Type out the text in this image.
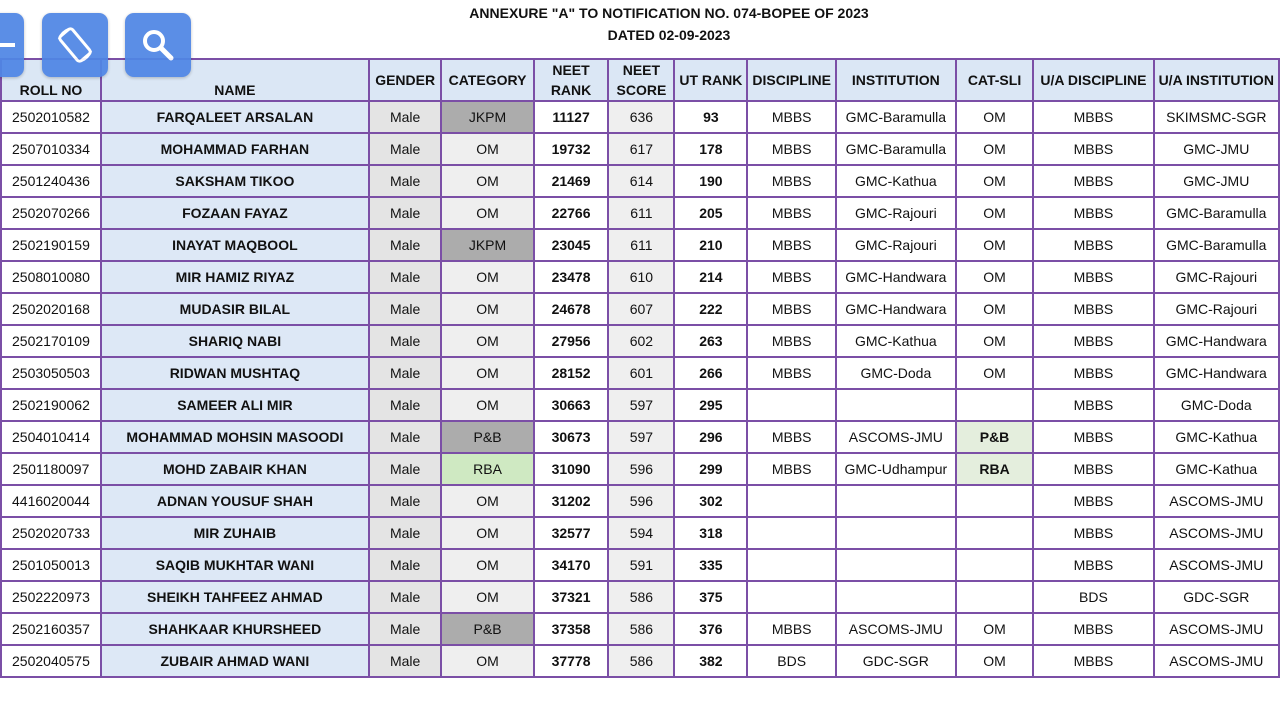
ANNEXURE "A" TO NOTIFICATION NO. 074-BOPEE OF 2023
DATED 02-09-2023
ROLL NO	NAME	GENDER	CATEGORY	NEET RANK	NEET SCORE	UT RANK	DISCIPLINE	INSTITUTION	CAT-SLI	U/A DISCIPLINE	U/A INSTITUTION
2502010582	FARQALEET ARSALAN	Male	JKPM	11127	636	93	MBBS	GMC-Baramulla	OM	MBBS	SKIMSMC-SGR
2507010334	MOHAMMAD FARHAN	Male	OM	19732	617	178	MBBS	GMC-Baramulla	OM	MBBS	GMC-JMU
2501240436	SAKSHAM TIKOO	Male	OM	21469	614	190	MBBS	GMC-Kathua	OM	MBBS	GMC-JMU
2502070266	FOZAAN FAYAZ	Male	OM	22766	611	205	MBBS	GMC-Rajouri	OM	MBBS	GMC-Baramulla
2502190159	INAYAT MAQBOOL	Male	JKPM	23045	611	210	MBBS	GMC-Rajouri	OM	MBBS	GMC-Baramulla
2508010080	MIR HAMIZ RIYAZ	Male	OM	23478	610	214	MBBS	GMC-Handwara	OM	MBBS	GMC-Rajouri
2502020168	MUDASIR BILAL	Male	OM	24678	607	222	MBBS	GMC-Handwara	OM	MBBS	GMC-Rajouri
2502170109	SHARIQ NABI	Male	OM	27956	602	263	MBBS	GMC-Kathua	OM	MBBS	GMC-Handwara
2503050503	RIDWAN MUSHTAQ	Male	OM	28152	601	266	MBBS	GMC-Doda	OM	MBBS	GMC-Handwara
2502190062	SAMEER ALI MIR	Male	OM	30663	597	295				MBBS	GMC-Doda
2504010414	MOHAMMAD MOHSIN MASOODI	Male	P&B	30673	597	296	MBBS	ASCOMS-JMU	P&B	MBBS	GMC-Kathua
2501180097	MOHD ZABAIR KHAN	Male	RBA	31090	596	299	MBBS	GMC-Udhampur	RBA	MBBS	GMC-Kathua
4416020044	ADNAN YOUSUF SHAH	Male	OM	31202	596	302				MBBS	ASCOMS-JMU
2502020733	MIR ZUHAIB	Male	OM	32577	594	318				MBBS	ASCOMS-JMU
2501050013	SAQIB MUKHTAR WANI	Male	OM	34170	591	335				MBBS	ASCOMS-JMU
2502220973	SHEIKH TAHFEEZ AHMAD	Male	OM	37321	586	375				BDS	GDC-SGR
2502160357	SHAHKAAR KHURSHEED	Male	P&B	37358	586	376	MBBS	ASCOMS-JMU	OM	MBBS	ASCOMS-JMU
2502040575	ZUBAIR AHMAD WANI	Male	OM	37778	586	382	BDS	GDC-SGR	OM	MBBS	ASCOMS-JMU
